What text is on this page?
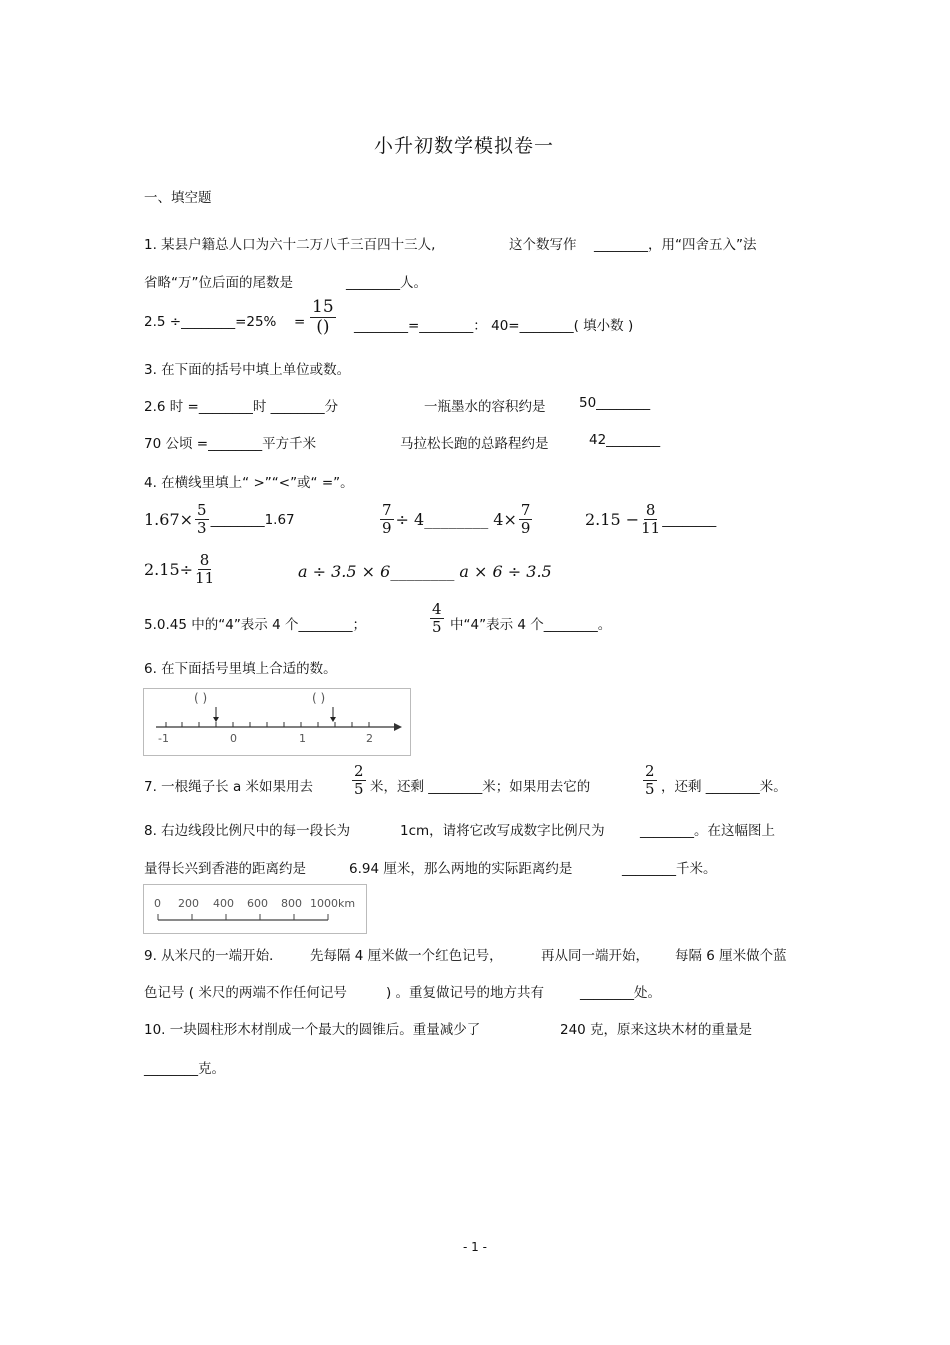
小升初数学模拟卷一
一、填空题
1. 某县户籍总人口为六十二万八千三百四十三人,	这个数写作 ________，用“四舍五入”法
省略“万”位后面的尾数是	________人。
2.5 ÷________=25% = $\frac{15}{()}$ ________=________： 40=________( 填小数 )
3. 在下面的括号中填上单位或数。
2.6 时 =________时 ________分	一瓶墨水的容积约是 50________
70 公顷 =________平方千米	马拉松长跑的总路程约是	42________
4. 在横线里填上“ >”“<”或“ =”。
$1.67\times \frac{5}{3}$ ________1.67	$\frac{7}{9}$ ÷ 4________ $4\times \frac{7}{9}$	$2.15 - \frac{8}{11}$ ________
$2.15\div \frac{8}{11}$	a ÷ 3.5 × 6________ a × 6 ÷ 3.5
5.0.45 中的“4”表示 4 个________；	$\frac{4}{5}$ 中“4”表示 4 个________。
6. 在下面括号里填上合适的数。
( )	( )
-1	0	1	2
7. 一根绳子长 a 米如果用去	$\frac{2}{5}$ 米，还剩 ________米；如果用去它的	$\frac{2}{5}$ ，还剩 ________米。
8. 右边线段比例尺中的每一段长为	1cm，请将它改写成数字比例尺为	________。在这幅图上
量得长兴到香港的距离约是	6.94 厘米，那么两地的实际距离约是	________千米。
0 200 400 600 800 1000km
9. 从米尺的一端开始． 先每隔 4 厘米做一个红色记号，	再从同一端开始， 每隔 6 厘米做个蓝
色记号 ( 米尺的两端不作任何记号	) 。重复做记号的地方共有	________处。
10. 一块圆柱形木材削成一个最大的圆锥后。重量减少了	240 克，原来这块木材的重量是
________克。
- 1 -
